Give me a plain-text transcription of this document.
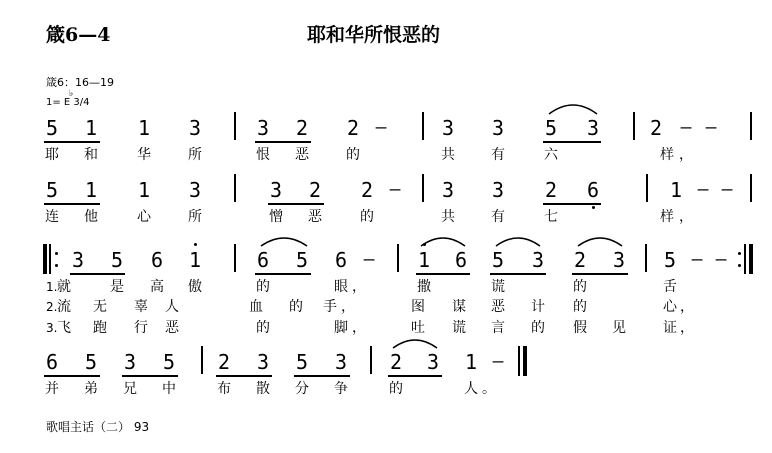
箴6—4	耶和华所恨恶的
箴6：16—19
♭
1= E 3/4
5 1 1 3	3 2 2 –	3 3 5 3	2 – –
耶 和	华	所	恨 恶	的	共	有	六	样 ，
5 1 1 3	3 2 2 – 3 3 2 6	1 – –
连 他	心	所	憎 恶	的	共	有	七	样 ，
3 5 6 1	6 5 6 – 1 6 5 3 2 3 5 – –
1. 就	是 高 傲	的	眼 ，	撒	谎	的	舌
2. 流 无 辜 人	血 的 手 ，	图 谋 恶 计 的	心 ，
3. 飞 跑 行 恶	的	脚 ，	吐 谎 言 的 假 见	证 ，
6 5 3 5 2 3 5 3 2 3 1 –
并 弟 兄 中	布 散 分 争	的	人 。
歌唱主话（二） 93
